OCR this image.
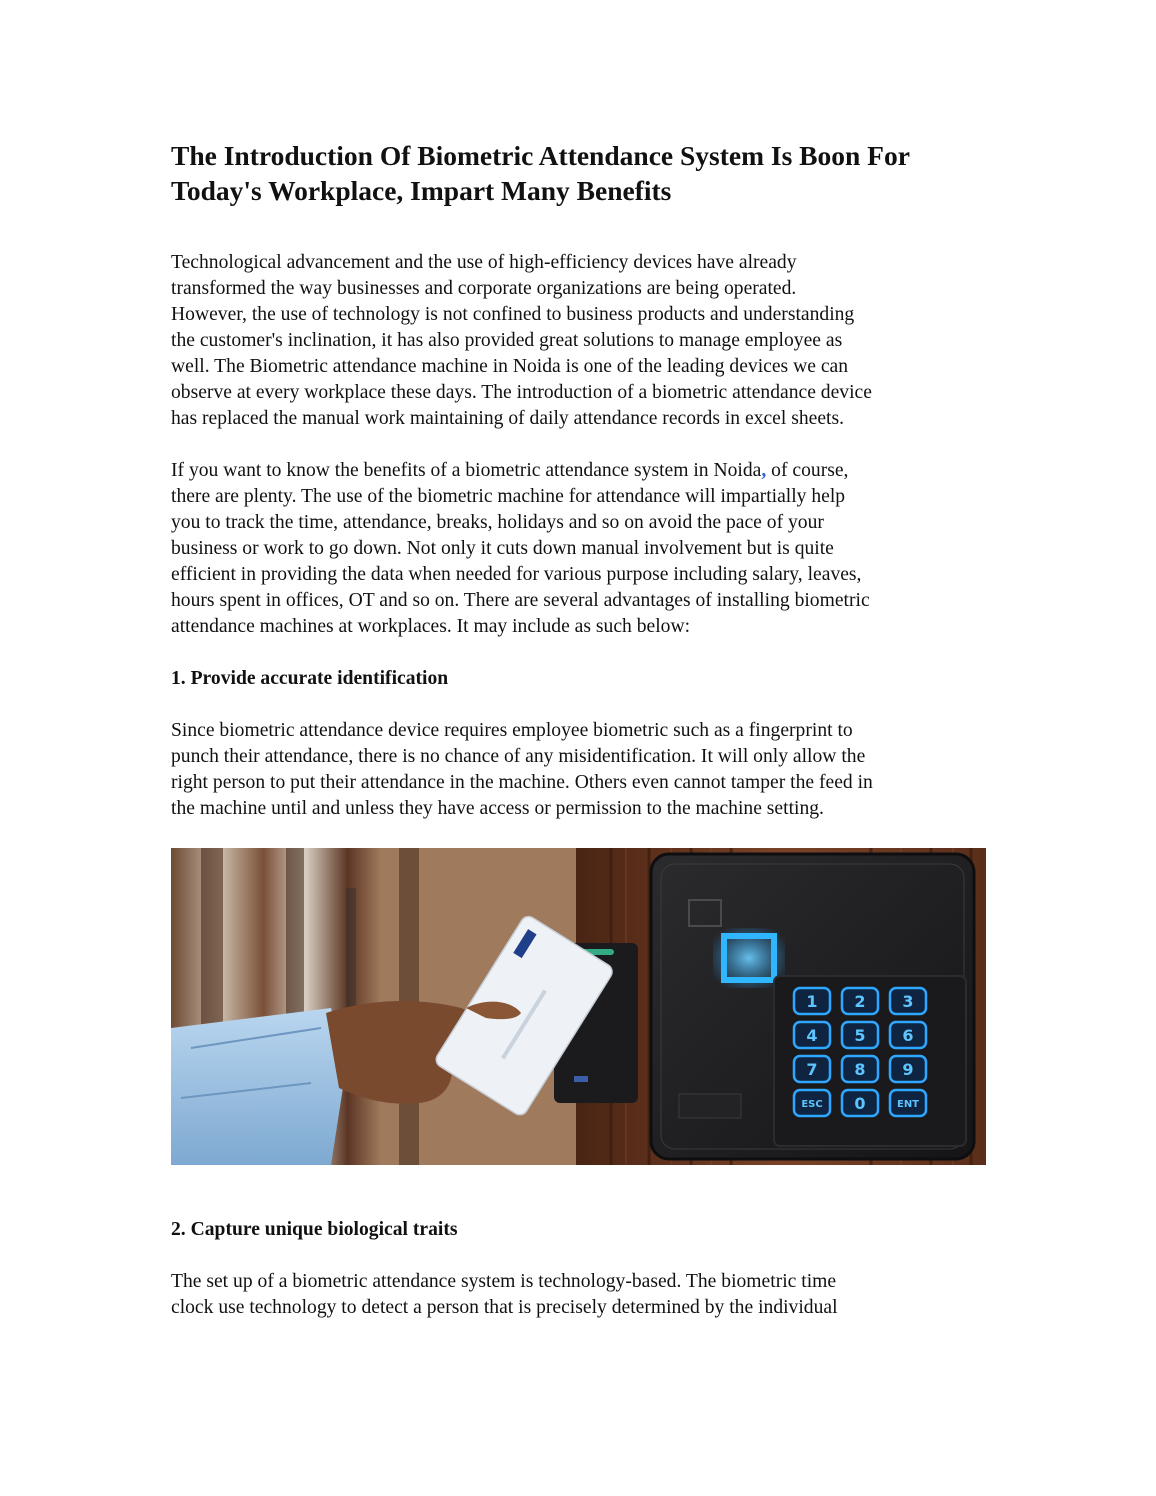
The Introduction Of Biometric Attendance System Is Boon For
Today's Workplace, Impart Many Benefits

Technological advancement and the use of high-efficiency devices have already
transformed the way businesses and corporate organizations are being operated.
However, the use of technology is not confined to business products and understanding
the customer's inclination, it has also provided great solutions to manage employee as
well. The Biometric attendance machine in Noida is one of the leading devices we can
observe at every workplace these days. The introduction of a biometric attendance device
has replaced the manual work maintaining of daily attendance records in excel sheets.

If you want to know the benefits of a biometric attendance system in Noida, of course,
there are plenty. The use of the biometric machine for attendance will impartially help
you to track the time, attendance, breaks, holidays and so on avoid the pace of your
business or work to go down. Not only it cuts down manual involvement but is quite
efficient in providing the data when needed for various purpose including salary, leaves,
hours spent in offices, OT and so on. There are several advantages of installing biometric
attendance machines at workplaces. It may include as such below:

1. Provide accurate identification

Since biometric attendance device requires employee biometric such as a fingerprint to
punch their attendance, there is no chance of any misidentification. It will only allow the
right person to put their attendance in the machine. Others even cannot tamper the feed in
the machine until and unless they have access or permission to the machine setting.

1 2 3
4 5 6
7 8 9
ESC 0	ENT
2. Capture unique biological traits

The set up of a biometric attendance system is technology-based. The biometric time
clock use technology to detect a person that is precisely determined by the individual
